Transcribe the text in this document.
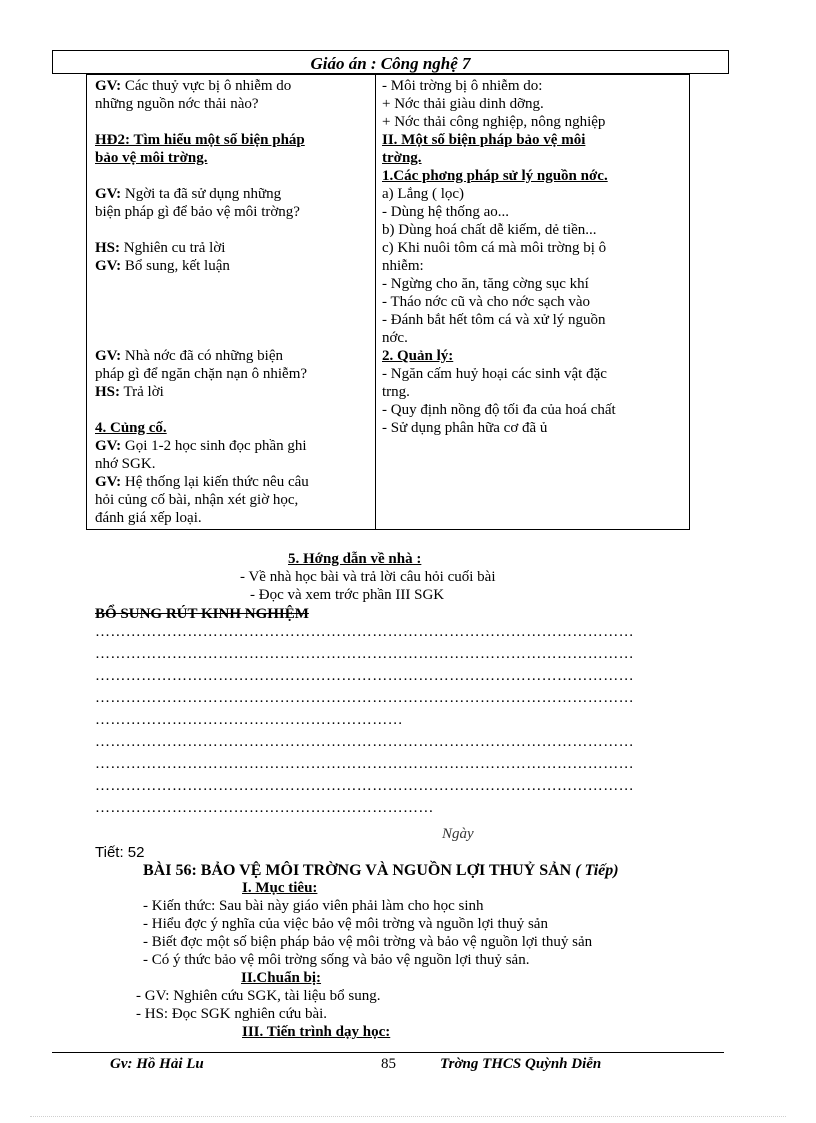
Giáo án : Công nghệ 7
GV: Các thuỷ vực bị ô nhiễm do
những nguồn nớc thải nào?
HĐ2: Tìm hiểu một số biện pháp
bảo vệ môi trờng.
GV: Ngời ta đã sử dụng những
biện pháp gì để bảo vệ môi trờng?
HS: Nghiên cu trả lời
GV: Bổ sung, kết luận
GV: Nhà nớc đã có những biện
pháp gì để ngăn chặn nạn ô nhiễm?
HS: Trả lời
4. Củng cố.
GV: Gọi 1-2 học sinh đọc phần ghi
nhớ SGK.
GV: Hệ thống lại kiến thức nêu câu
hỏi củng cố bài, nhận xét giờ học,
đánh giá xếp loại.
- Môi trờng bị ô nhiễm do:
+ Nớc thải giàu dinh dỡng.
+ Nớc thải công nghiệp, nông nghiệp
II. Một số biện pháp bảo vệ môi
trờng.
1.Các phơng pháp sử lý nguồn nớc.
a) Lắng ( lọc)
- Dùng hệ thống ao...
b) Dùng hoá chất dễ kiếm, dẻ tiền...
c) Khi nuôi tôm cá mà môi trờng bị ô
nhiễm:
- Ngừng cho ăn, tăng cờng sục khí
- Tháo nớc cũ và cho nớc sạch vào
- Đánh bắt hết tôm cá và xử lý nguồn
nớc.
2. Quản lý:
- Ngăn cấm huỷ hoại các sinh vật đặc
trng.
- Quy định nồng độ tối đa của hoá chất
- Sử dụng phân hữa cơ đã ủ
5. Hớng dẫn về nhà :
- Về nhà học bài và trả lời câu hỏi cuối bài
- Đọc và xem trớc phần III SGK
BỔ SUNG RÚT KINH NGHIỆM
……………………………………………………………………………………………
……………………………………………………………………………………………
……………………………………………………………………………………………
……………………………………………………………………………………………
……………………………………………………
……………………………………………………………………………………………
……………………………………………………………………………………………
……………………………………………………………………………………………
…………………………………………………………
Ngày
Tiết: 52
BÀI 56: BẢO VỆ MÔI TRỜNG VÀ NGUỒN LỢI THUỶ SẢN ( Tiếp)
I. Mục tiêu:
- Kiến thức: Sau bài này giáo viên phải làm cho học sinh
- Hiểu đợc ý nghĩa của việc bảo vệ môi trờng và nguồn lợi thuỷ sản
- Biết đợc một số biện pháp bảo vệ môi trờng và bảo vệ nguồn lợi thuỷ sản
- Có ý thức bảo vệ môi trờng sống và bảo vệ nguồn lợi thuỷ sản.
II.Chuẩn bị:
- GV: Nghiên cứu SGK, tài liệu bổ sung.
- HS: Đọc SGK nghiên cứu bài.
III. Tiến trình dạy học:
Gv: Hồ Hải Lu	85	Trờng THCS Quỳnh Diễn
